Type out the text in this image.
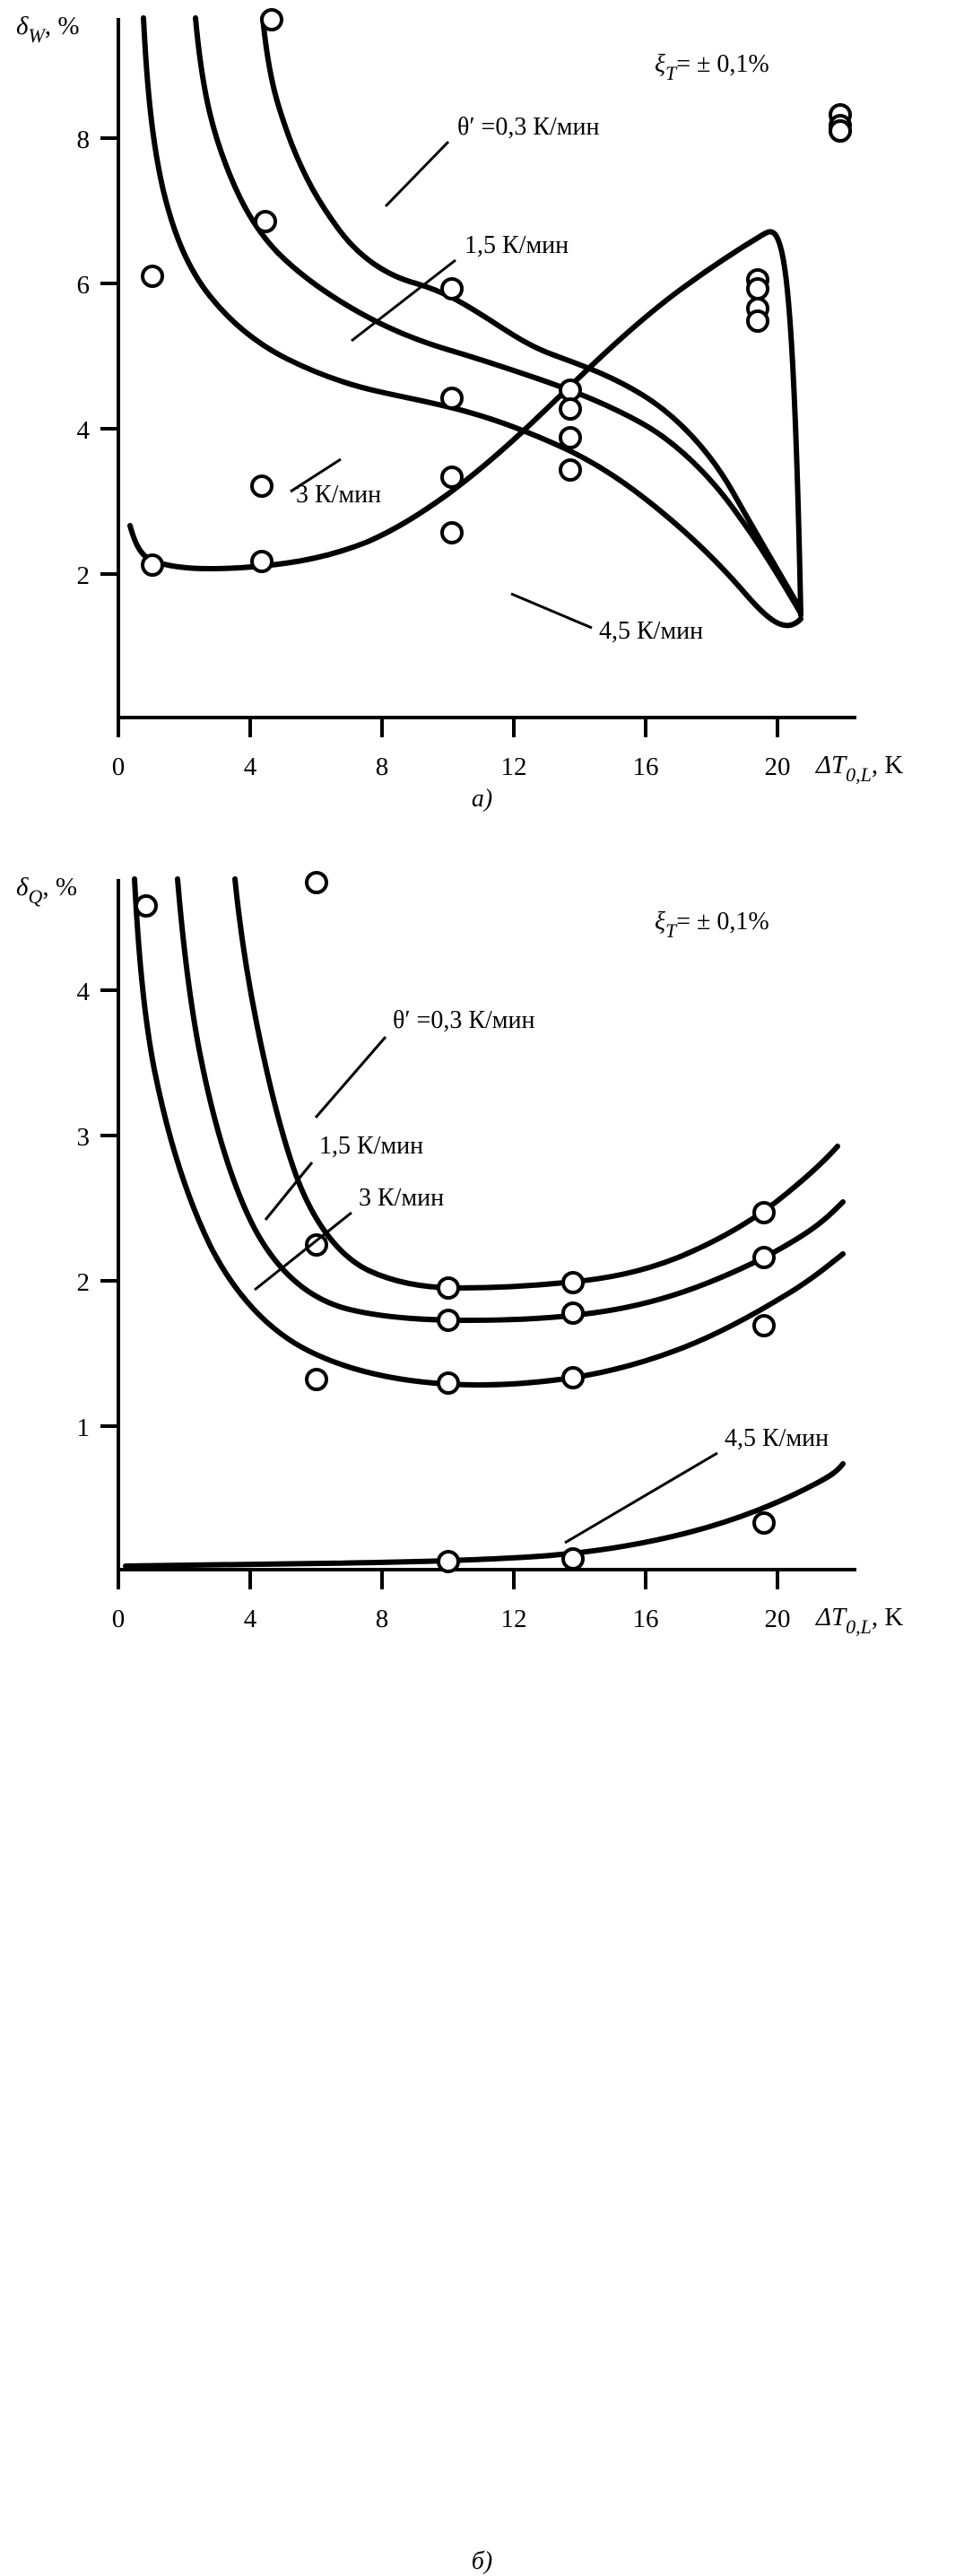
2
4
6
8
0	4	8	12	16	20
$\delta_W$, %
$\Delta T_{0,L}$, K
$\xi_T= \pm 0,1\%$
θ′ =0,3 К/мин
1,5 К/мин
3 К/мин
4,5 К/мин
а)
1
2
3
4
0	4	8	12	16	20
$\delta_Q$, %
$\Delta T_{0,L}$, K
$\xi_T= \pm 0,1\%$
θ′ =0,3 К/мин
1,5 К/мин
3 К/мин
4,5 К/мин
б)
